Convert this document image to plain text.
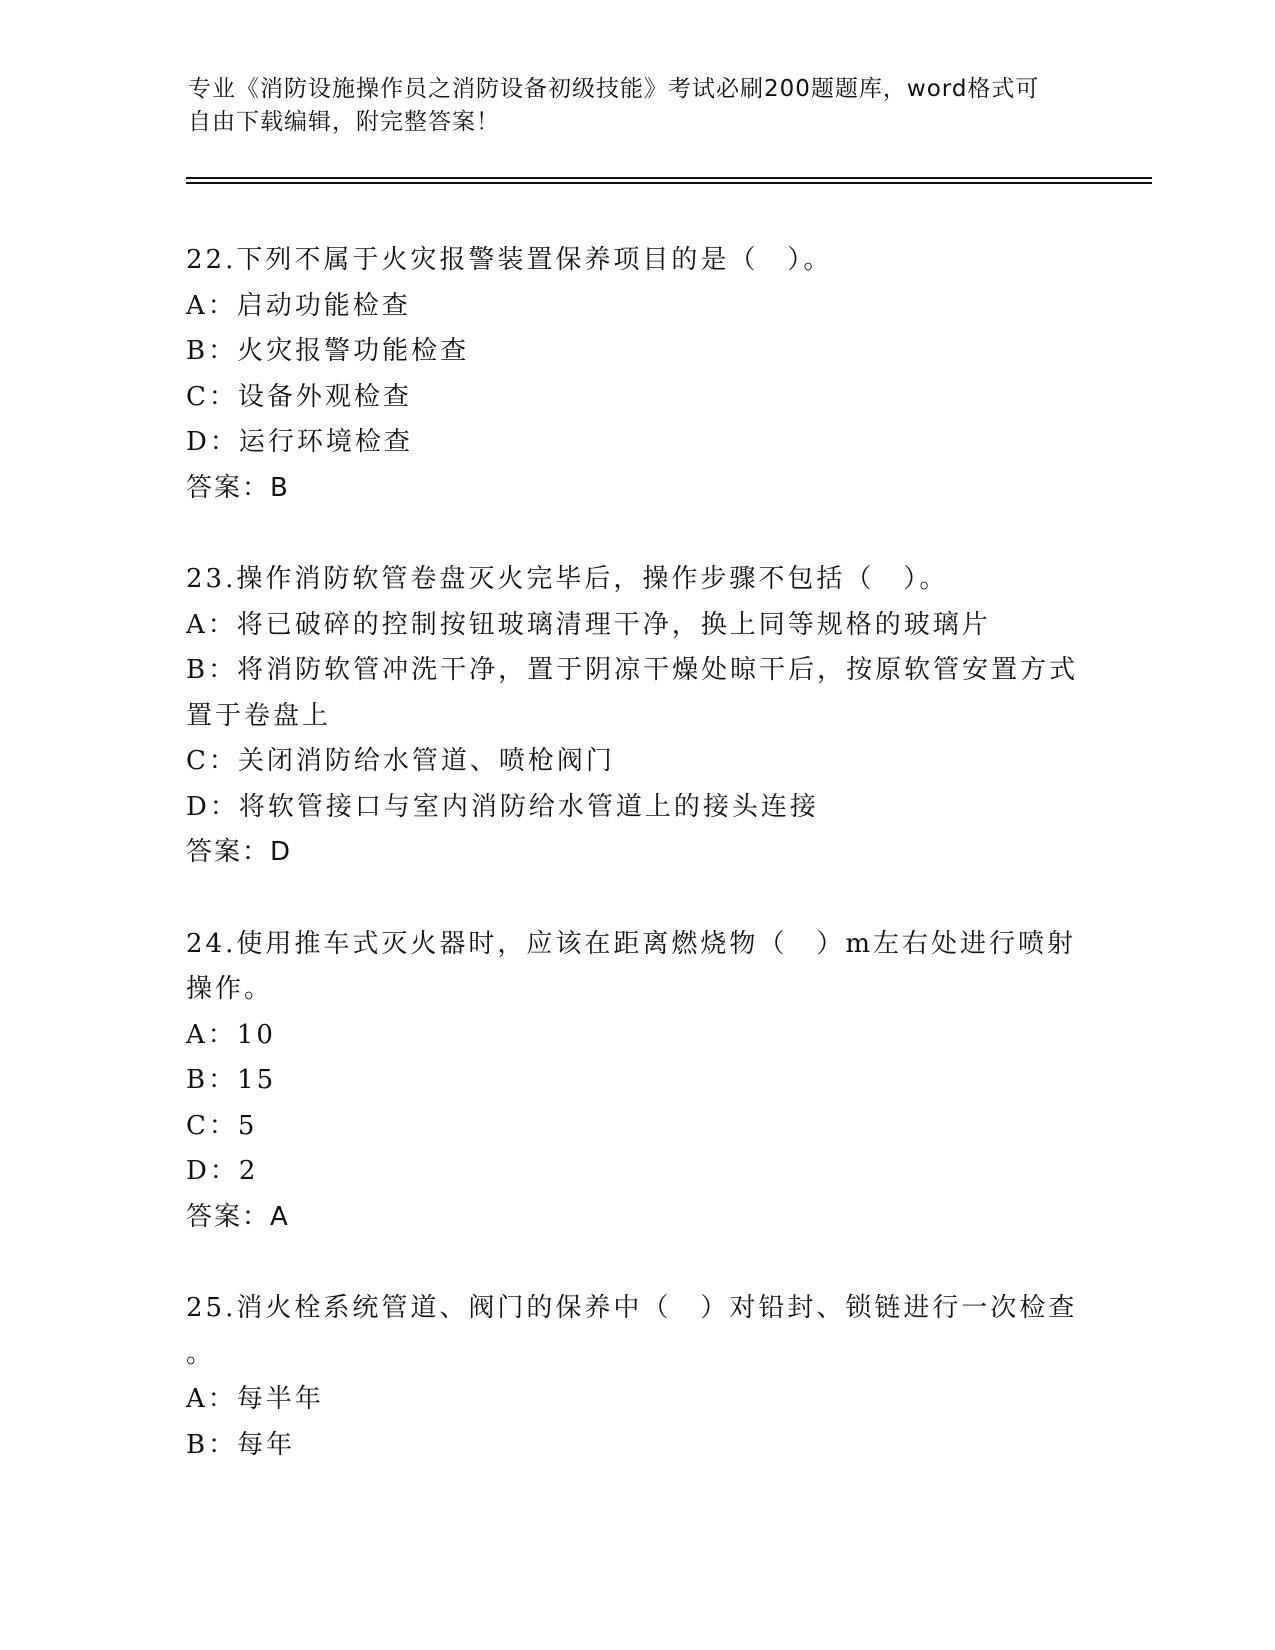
专业《消防设施操作员之消防设备初级技能》考试必刷200题题库，word格式可
自由下载编辑，附完整答案！
22.下列不属于火灾报警装置保养项目的是（　）。
A：启动功能检查
B：火灾报警功能检查
C：设备外观检查
D：运行环境检查
答案：B
23.操作消防软管卷盘灭火完毕后，操作步骤不包括（　）。
A：将已破碎的控制按钮玻璃清理干净，换上同等规格的玻璃片
B：将消防软管冲洗干净，置于阴凉干燥处晾干后，按原软管安置方式
置于卷盘上
C：关闭消防给水管道、喷枪阀门
D：将软管接口与室内消防给水管道上的接头连接
答案：D
24.使用推车式灭火器时，应该在距离燃烧物（　）m左右处进行喷射
操作。
A：10
B：15
C：5
D：2
答案：A
25.消火栓系统管道、阀门的保养中（　）对铅封、锁链进行一次检查
。
A：每半年
B：每年
